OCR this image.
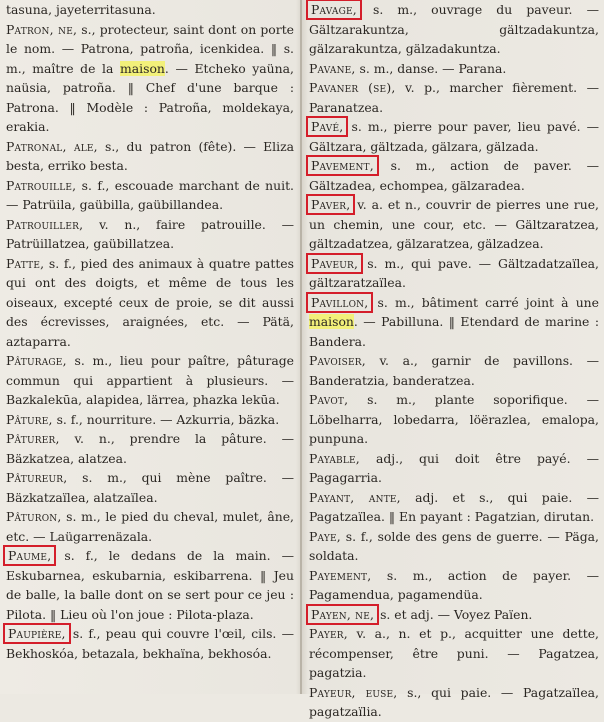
tasuna, jayeterritasuna.

Patron, ne, s., protecteur, saint dont on porte le nom. — Patrona, patroña, icenkidea. ‖ s. m., maître de la maison. — Etcheko yaüna, naüsia, patroña. ‖ Chef d'une barque : Patrona. ‖ Modèle : Patroña, moldekaya, erakia.

Patronal, ale, s., du patron (fête). — Eliza besta, erriko besta.

Patrouille, s. f., escouade marchant de nuit. — Patrüila, gaübilla, gaübillandea.

Patrouiller, v. n., faire patrouille. — Patrüillatzea, gaübillatzea.

Patte, s. f., pied des animaux à quatre pattes qui ont des doigts, et même de tous les oiseaux, excepté ceux de proie, se dit aussi des écrevisses, araignées, etc. — Pätä, aztaparra.

Pâturage, s. m., lieu pour paître, pâturage commun qui appartient à plusieurs. — Bazkalekūa, alapidea, lärrea, phazka lekūa.

Pâture, s. f., nourriture. — Azkurria, bäzka.

Pâturer, v. n., prendre la pâture. — Bäzkatzea, alatzea.

Pâtureur, s. m., qui mène paître. — Bäzkatzaïlea, alatzaïlea.

Pâturon, s. m., le pied du cheval, mulet, âne, etc. — Laügarrenäzala.

Paume, s. f., le dedans de la main. — Eskubarnea, eskubarnia, eskibarrena. ‖ Jeu de balle, la balle dont on se sert pour ce jeu : Pilota. ‖ Lieu où l'on joue : Pilota-plaza.

Paupière, s. f., peau qui couvre l'œil, cils. — Bekhoskóa, betazala, bekhaïna, bekhosóa.

Pavage, s. m., ouvrage du paveur. — Gältzarakuntza, gältzadakuntza, gälzarakuntza, gälzadakuntza.

Pavane, s. m., danse. — Parana.

Pavaner (se), v. p., marcher fièrement. — Paranatzea.

Pavé, s. m., pierre pour paver, lieu pavé. — Gältzara, gältzada, gälzara, gälzada.

Pavement, s. m., action de paver. — Gältzadea, echompea, gälzaradea.

Paver, v. a. et n., couvrir de pierres une rue, un chemin, une cour, etc. — Gältzaratzea, gältzadatzea, gälzaratzea, gälzadzea.

Paveur, s. m., qui pave. — Gältzadatzaïlea, gältzaratzaïlea.

Pavillon, s. m., bâtiment carré joint à une maison. — Pabilluna. ‖ Etendard de marine : Bandera.

Pavoiser, v. a., garnir de pavillons. — Banderatzia, banderatzea.

Pavot, s. m., plante soporifique. — Löbelharra, lobedarra, löërazlea, emalopa, punpuna.

Payable, adj., qui doit être payé. — Pagagarria.

Payant, ante, adj. et s., qui paie. — Pagatzaïlea. ‖ En payant : Pagatzian, dirutan.

Paye, s. f., solde des gens de guerre. — Päga, soldata.

Payement, s. m., action de payer. — Pagamendua, pagamendüa.

Payen, ne, s. et adj. — Voyez Païen.

Payer, v. a., n. et p., acquitter une dette, récompenser, être puni. — Pagatzea, pagatzia.

Payeur, euse, s., qui paie. — Pagatzaïlea, pagatzaïlia.
